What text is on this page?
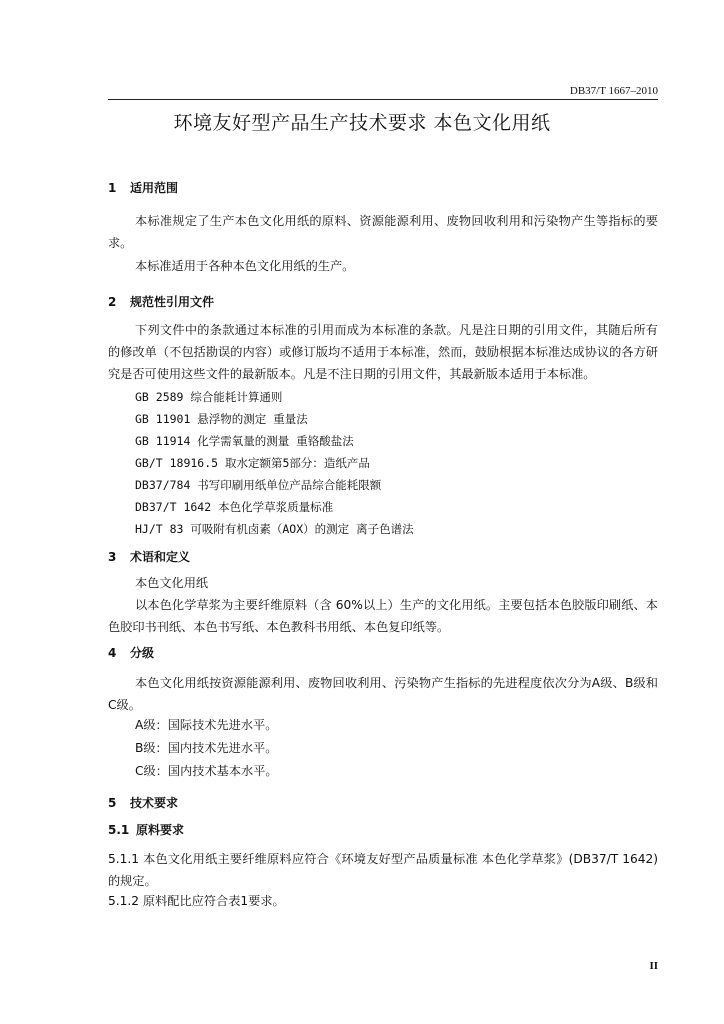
DB37/T 1667–2010
环境友好型产品生产技术要求 本色文化用纸
1 适用范围
本标准规定了生产本色文化用纸的原料、资源能源利用、废物回收利用和污染物产生等指标的要求。
本标准适用于各种本色文化用纸的生产。
2 规范性引用文件
下列文件中的条款通过本标准的引用而成为本标准的条款。凡是注日期的引用文件，其随后所有的修改单（不包括勘误的内容）或修订版均不适用于本标准，然而，鼓励根据本标准达成协议的各方研究是否可使用这些文件的最新版本。凡是不注日期的引用文件，其最新版本适用于本标准。
GB 2589 综合能耗计算通则
GB 11901 悬浮物的测定 重量法
GB 11914 化学需氧量的测量 重铬酸盐法
GB/T 18916.5 取水定额第5部分：造纸产品
DB37/784 书写印刷用纸单位产品综合能耗限额
DB37/T 1642 本色化学草浆质量标准
HJ/T 83 可吸附有机卤素（AOX）的测定 离子色谱法
3 术语和定义
本色文化用纸
以本色化学草浆为主要纤维原料（含 60%以上）生产的文化用纸。主要包括本色胶版印刷纸、本色胶印书刊纸、本色书写纸、本色教科书用纸、本色复印纸等。
4 分级
本色文化用纸按资源能源利用、废物回收利用、污染物产生指标的先进程度依次分为A级、B级和C级。
A级：国际技术先进水平。
B级：国内技术先进水平。
C级：国内技术基本水平。
5 技术要求
5.1 原料要求
5.1.1 本色文化用纸主要纤维原料应符合《环境友好型产品质量标准 本色化学草浆》(DB37/T 1642)的规定。
5.1.2 原料配比应符合表1要求。
II
